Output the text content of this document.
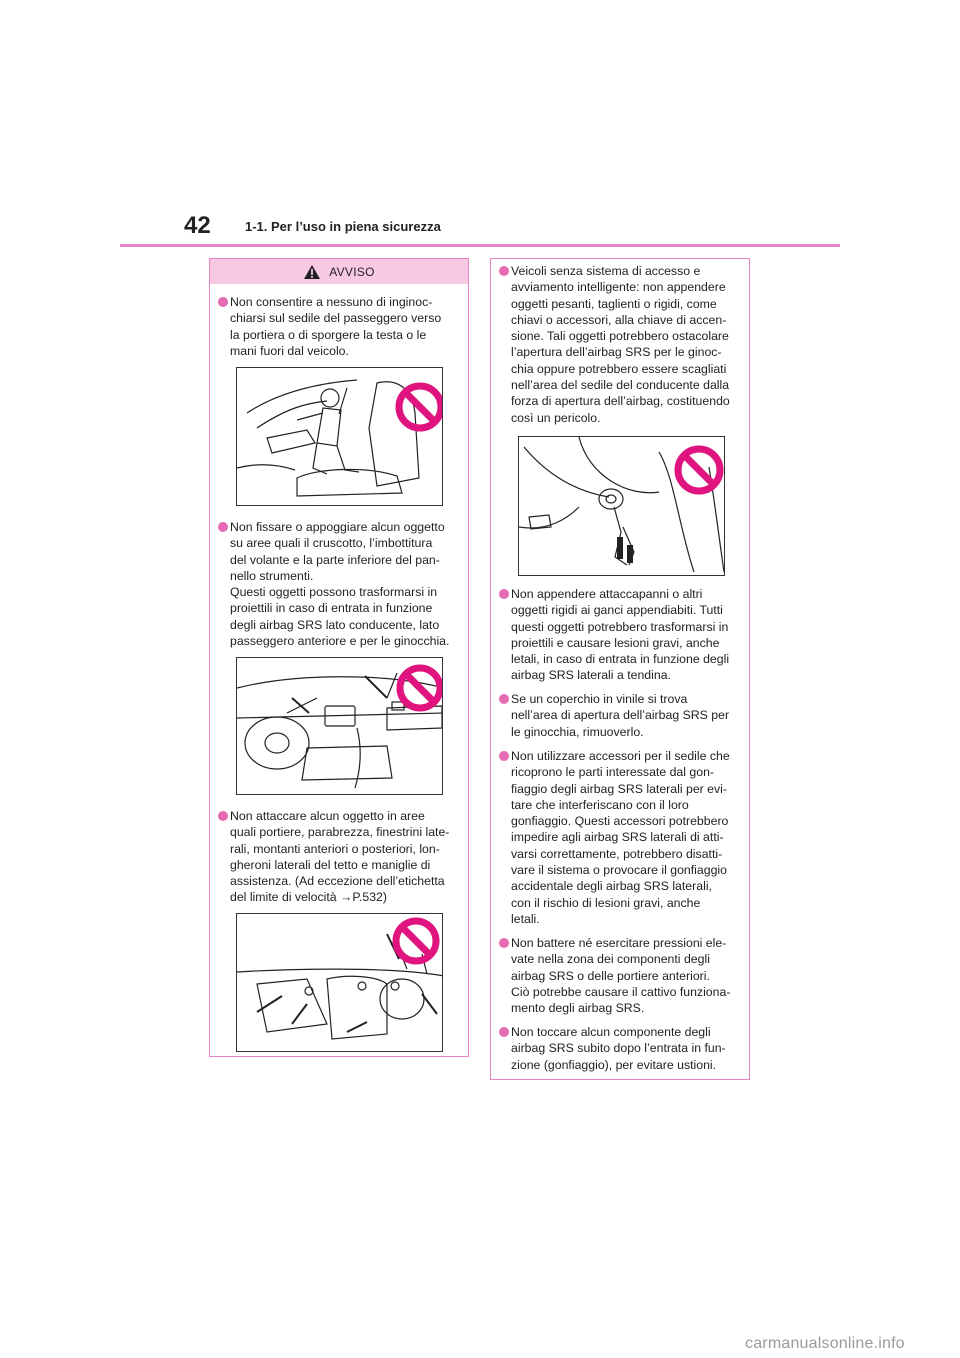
42	1-1. Per l’uso in piena sicurezza
AVVISO
Non consentire a nessuno di inginoc-
chiarsi sul sedile del passeggero verso
la portiera o di sporgere la testa o le
mani fuori dal veicolo.
Non fissare o appoggiare alcun oggetto
su aree quali il cruscotto, l’imbottitura
del volante e la parte inferiore del pan-
nello strumenti.
Questi oggetti possono trasformarsi in
proiettili in caso di entrata in funzione
degli airbag SRS lato conducente, lato
passeggero anteriore e per le ginocchia.
Non attaccare alcun oggetto in aree
quali portiere, parabrezza, finestrini late-
rali, montanti anteriori o posteriori, lon-
gheroni laterali del tetto e maniglie di
assistenza. (Ad eccezione dell’etichetta
del limite di velocità →P.532)
Veicoli senza sistema di accesso e
avviamento intelligente: non appendere
oggetti pesanti, taglienti o rigidi, come
chiavi o accessori, alla chiave di accen-
sione. Tali oggetti potrebbero ostacolare
l’apertura dell’airbag SRS per le ginoc-
chia oppure potrebbero essere scagliati
nell’area del sedile del conducente dalla
forza di apertura dell’airbag, costituendo
così un pericolo.
Non appendere attaccapanni o altri
oggetti rigidi ai ganci appendiabiti. Tutti
questi oggetti potrebbero trasformarsi in
proiettili e causare lesioni gravi, anche
letali, in caso di entrata in funzione degli
airbag SRS laterali a tendina.
Se un coperchio in vinile si trova
nell’area di apertura dell’airbag SRS per
le ginocchia, rimuoverlo.
Non utilizzare accessori per il sedile che
ricoprono le parti interessate dal gon-
fiaggio degli airbag SRS laterali per evi-
tare che interferiscano con il loro
gonfiaggio. Questi accessori potrebbero
impedire agli airbag SRS laterali di atti-
varsi correttamente, potrebbero disatti-
vare il sistema o provocare il gonfiaggio
accidentale degli airbag SRS laterali,
con il rischio di lesioni gravi, anche
letali.
Non battere né esercitare pressioni ele-
vate nella zona dei componenti degli
airbag SRS o delle portiere anteriori.
Ciò potrebbe causare il cattivo funziona-
mento degli airbag SRS.
Non toccare alcun componente degli
airbag SRS subito dopo l’entrata in fun-
zione (gonfiaggio), per evitare ustioni.
carmanualsonline.info
